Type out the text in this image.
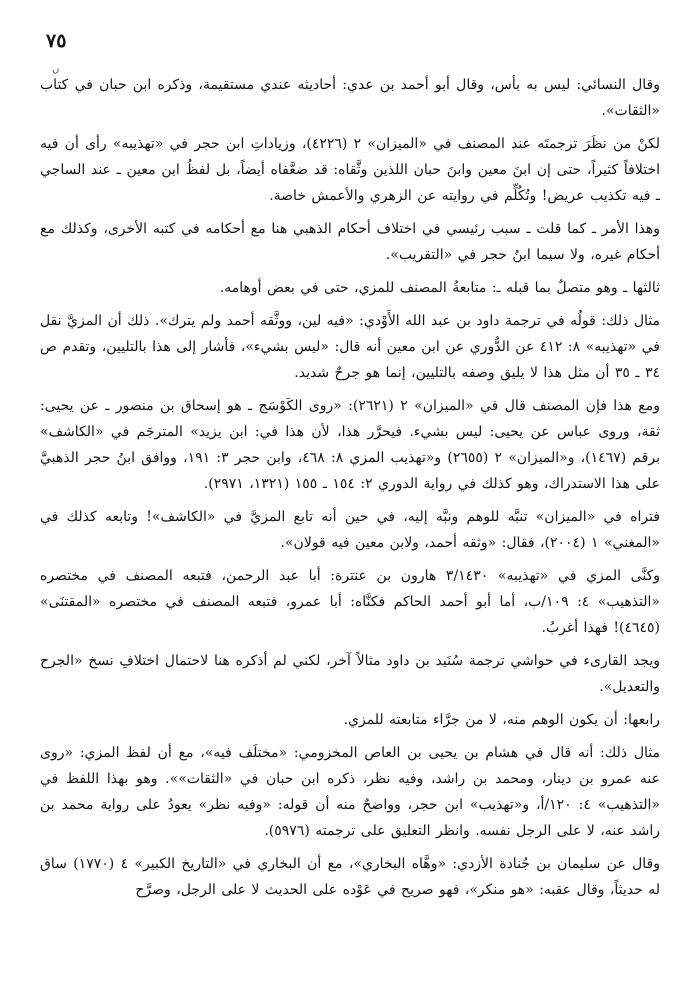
٧٥
ﮞ

وقال النسائي: ليس به بأس، وقال أبو أحمد بن عدي: أحاديثه عندي مستقيمة، وذكره ابن حبان في كتاب «الثقات».

لكنْ من نظَرَ ترجمتَه عند المصنف في «الميزان» ٢ (٤٢٢٦)، وزياداتِ ابن حجر في «تهذيبه» رأى أن فيه اختلافاً كثيراً، حتى إن ابنَ معين وابنَ حبان اللذين وثَّقاه: قد ضعَّفاه أيضاً، بل لفظُ ابن معين ـ عند الساجي ـ فيه تكذيب عريض! وتُكُلِّم في روايته عن الزهري والأعمش خاصة.

وهذا الأمر ـ كما قلت ـ سبب رئيسي في اختلاف أحكام الذهبي هنا مع أحكامه في كتبه الأخرى، وكذلك مع أحكام غيره، ولا سيما ابنُ حجر في «التقريب».

ثالثها ـ وهو متصلٌ بما قبله ـ: متابعةُ المصنف للمزي، حتى في بعض أوهامه.

مثال ذلك: قولُه في ترجمة داود بن عبد الله الأَوْدي: «فيه لين، ووثَّقه أحمد ولم يترك». ذلك أن المزيَّ نقل في «تهذيبه» ٨: ٤١٢ عن الدُّوري عن ابن معين أنه قال: «ليس بشيء»، فأشار إلى هذا بالتليين، وتقدم ص ٣٤ ـ ٣٥ أن مثل هذا لا يليق وصفه بالتليين، إنما هو جرحٌ شديد.

ومع هذا فإن المصنف قال في «الميزان» ٢ (٢٦٢١): «روى الكَوْسَج ـ هو إسحاق بن منصور ـ عن يحيى: ثقة، وروى عباس عن يحيى: ليس بشيء. فيحرَّر هذا، لأن هذا في: ابن يزيد» المترجَم في «الكاشف» برقم (١٤٦٧)، و«الميزان» ٢ (٢٦٥٥) و«تهذيب المزي ٨: ٤٦٨، وابن حجر ٣: ١٩١، ووافق ابنُ حجر الذهبيَّ على هذا الاستدراك، وهو كذلك في رواية الدوري ٢: ١٥٤ ـ ١٥٥ (١٣٢١، ٢٩٧١).

فتراه في «الميزان» تنبَّه للوهم ونبَّه إليه، في حين أنه تابع المزيَّ في «الكاشف»! وتابعه كذلك في «المغني» ١ (٢٠٠٤)، فقال: «وثقه أحمد، ولابن معين فيه قولان».

وكنَّى المزي في «تهذيبه» ٣/١٤٣٠ هارون بن عنترة: أبا عبد الرحمن، فتبعه المصنف في مختصره «التذهيب» ٤: ١٠٩/ب، أما أبو أحمد الحاكم فكنَّاه: أبا عمرو، فتبعه المصنف في مختصره «المقتنَى» (٤٦٤٥)! فهذا أغربُ.

ويجد القارىء في حواشي ترجمة سُنَيد بن داود مثالاً آخر، لكني لم أذكره هنا لاحتمال اختلافِ نسخ «الجرح والتعديل».

رابعها: أن يكون الوهم منه، لا من جرَّاء متابعته للمزي.

مثال ذلك: أنه قال في هشام بن يحيى بن العاص المخزومي: «مختلَف فيه»، مع أن لفظ المزي: «روى عنه عمرو بن دينار، ومحمد بن راشد، وفيه نظر، ذكره ابن حبان في «الثقات»». وهو بهذا اللفظ في «التذهيب» ٤: ١٢٠/أ، و«تهذيب» ابن حجر، وواضحٌ منه أن قوله: «وفيه نظر» يعودُ على رواية محمد بن راشد عنه، لا على الرجل نفسه. وانظر التعليق على ترجمته (٥٩٧٦).

وقال عن سليمان بن جُنادة الأزدي: «وهَّاه البخاري»، مع أن البخاري في «التاريخ الكبير» ٤ (١٧٧٠) ساق له حديثاً، وقال عقبه: «هو منكر»، فهو صريح في عَوْده على الحديث لا على الرجل، وصرَّح
